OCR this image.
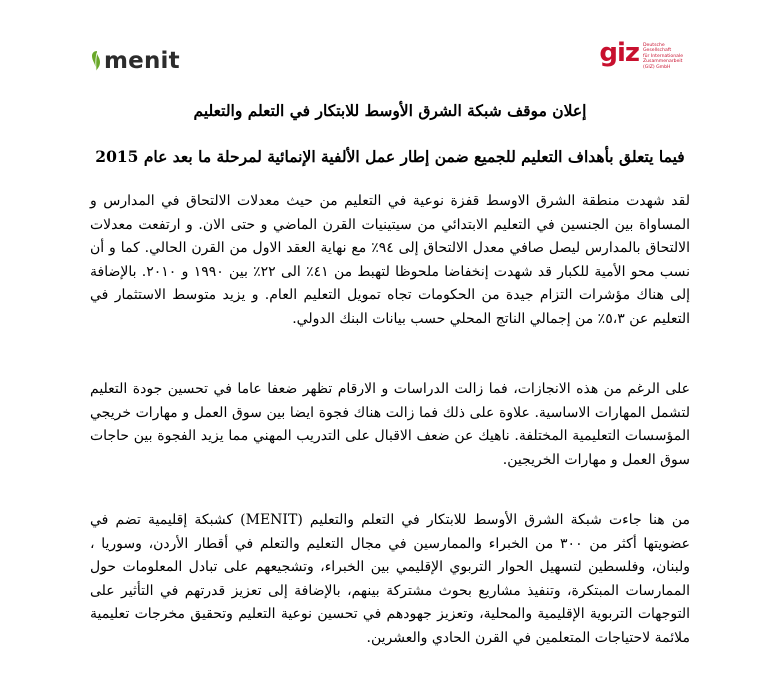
menit	giz Deutsche Gesellschaft
für Internationale
Zusammenarbeit (GIZ) GmbH
إعلان موقف شبكة الشرق الأوسط للابتكار في التعلم والتعليم
فيما يتعلق بأهداف التعليم للجميع ضمن إطار عمل الألفية الإنمائية لمرحلة ما بعد عام 2015

لقد شهدت منطقة الشرق الاوسط قفزة نوعية في التعليم من حيث معدلات الالتحاق في المدارس و المساواة بين الجنسين في التعليم الابتدائي من سيتينيات القرن الماضي و حتى الان. و ارتفعت معدلات الالتحاق بالمدارس ليصل صافي معدل الالتحاق إلى ٩٤٪ مع نهاية العقد الاول من القرن الحالي. كما و أن نسب محو الأمية للكبار قد شهدت إنخفاضا ملحوظا لتهبط من ٤١٪ الى ٢٢٪ بين ١٩٩٠ و ٢٠١٠. بالإضافة إلى هناك مؤشرات التزام جيدة من الحكومات تجاه تمويل التعليم العام. و يزيد متوسط الاستثمار في التعليم عن ٥،٣٪ من إجمالي الناتج المحلي حسب بيانات البنك الدولي.

على الرغم من هذه الانجازات، فما زالت الدراسات و الارقام تظهر ضعفا عاما في تحسين جودة التعليم لتشمل المهارات الاساسية. علاوة على ذلك فما زالت هناك فجوة ايضا بين سوق العمل و مهارات خريجي المؤسسات التعليمية المختلفة. ناهيك عن ضعف الاقبال على التدريب المهني مما يزيد الفجوة بين حاجات سوق العمل و مهارات الخريجين.

من هنا جاءت شبكة الشرق الأوسط للابتكار في التعلم والتعليم (MENIT) كشبكة إقليمية تضم في عضويتها أكثر من ٣٠٠ من الخبراء والممارسين في مجال التعليم والتعلم في أقطار الأردن، وسوريا ، ولبنان، وفلسطين لتسهيل الحوار التربوي الإقليمي بين الخبراء، وتشجيعهم على تبادل المعلومات حول الممارسات المبتكرة، وتنفيذ مشاريع بحوث مشتركة بينهم، بالإضافة إلى تعزيز قدرتهم في التأثير على التوجهات التربوية الإقليمية والمحلية، وتعزيز جهودهم في تحسين نوعية التعليم وتحقيق مخرجات تعليمية ملائمة لاحتياجات المتعلمين في القرن الحادي والعشرين.
